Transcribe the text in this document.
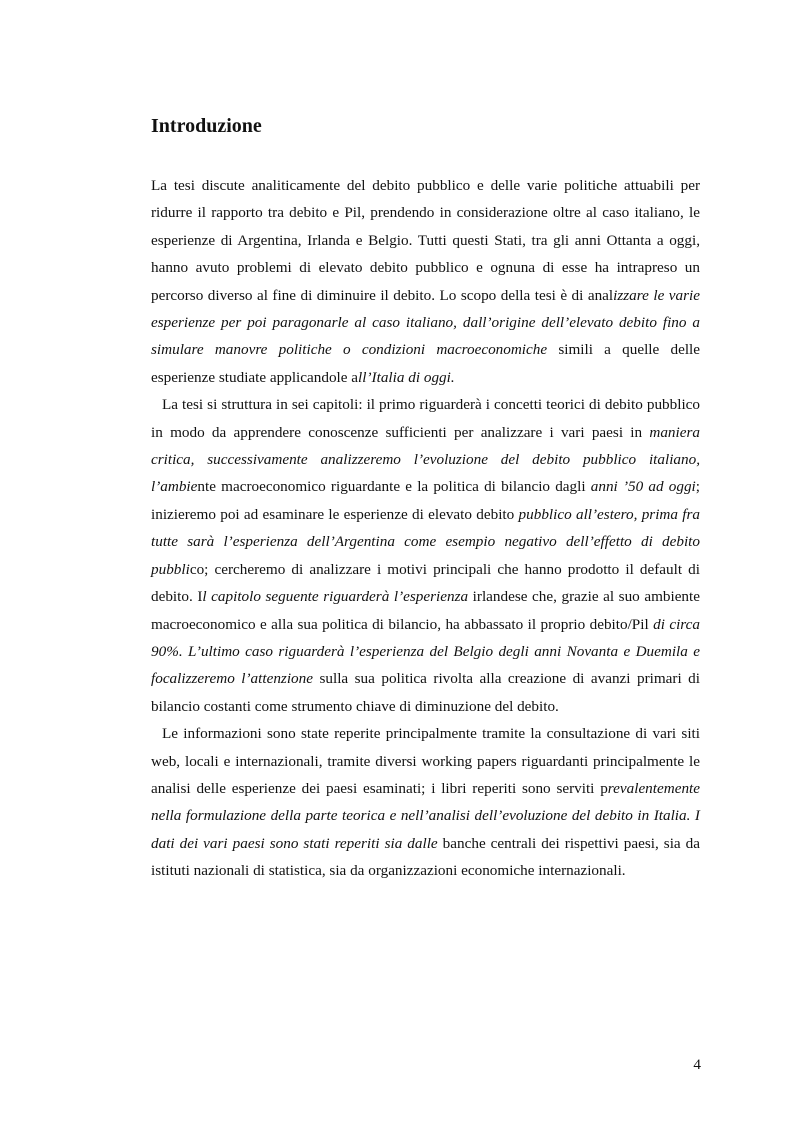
Introduzione

La tesi discute analiticamente del debito pubblico e delle varie politiche attuabili per ridurre il rapporto tra debito e Pil, prendendo in considerazione oltre al caso italiano, le esperienze di Argentina, Irlanda e Belgio. Tutti questi Stati, tra gli anni Ottanta a oggi, hanno avuto problemi di elevato debito pubblico e ognuna di esse ha intrapreso un percorso diverso al fine di diminuire il debito. Lo scopo della tesi è di analizzare le varie esperienze per poi paragonarle al caso italiano, dall’origine dell’elevato debito fino a simulare manovre politiche o condizioni macroeconomiche simili a quelle delle esperienze studiate applicandole all’Italia di oggi.

La tesi si struttura in sei capitoli: il primo riguarderà i concetti teorici di debito pubblico in modo da apprendere conoscenze sufficienti per analizzare i vari paesi in maniera critica, successivamente analizzeremo l’evoluzione del debito pubblico italiano, l’ambiente macroeconomico riguardante e la politica di bilancio dagli anni ’50 ad oggi; inizieremo poi ad esaminare le esperienze di elevato debito pubblico all’estero, prima fra tutte sarà l’esperienza dell’Argentina come esempio negativo dell’effetto di debito pubblico; cercheremo di analizzare i motivi principali che hanno prodotto il default di debito. Il capitolo seguente riguarderà l’esperienza irlandese che, grazie al suo ambiente macroeconomico e alla sua politica di bilancio, ha abbassato il proprio debito/Pil di circa 90%. L’ultimo caso riguarderà l’esperienza del Belgio degli anni Novanta e Duemila e focalizzeremo l’attenzione sulla sua politica rivolta alla creazione di avanzi primari di bilancio costanti come strumento chiave di diminuzione del debito.

Le informazioni sono state reperite principalmente tramite la consultazione di vari siti web, locali e internazionali, tramite diversi working papers riguardanti principalmente le analisi delle esperienze dei paesi esaminati; i libri reperiti sono serviti prevalentemente nella formulazione della parte teorica e nell’analisi dell’evoluzione del debito in Italia. I dati dei vari paesi sono stati reperiti sia dalle banche centrali dei rispettivi paesi, sia da istituti nazionali di statistica, sia da organizzazioni economiche internazionali.

4
